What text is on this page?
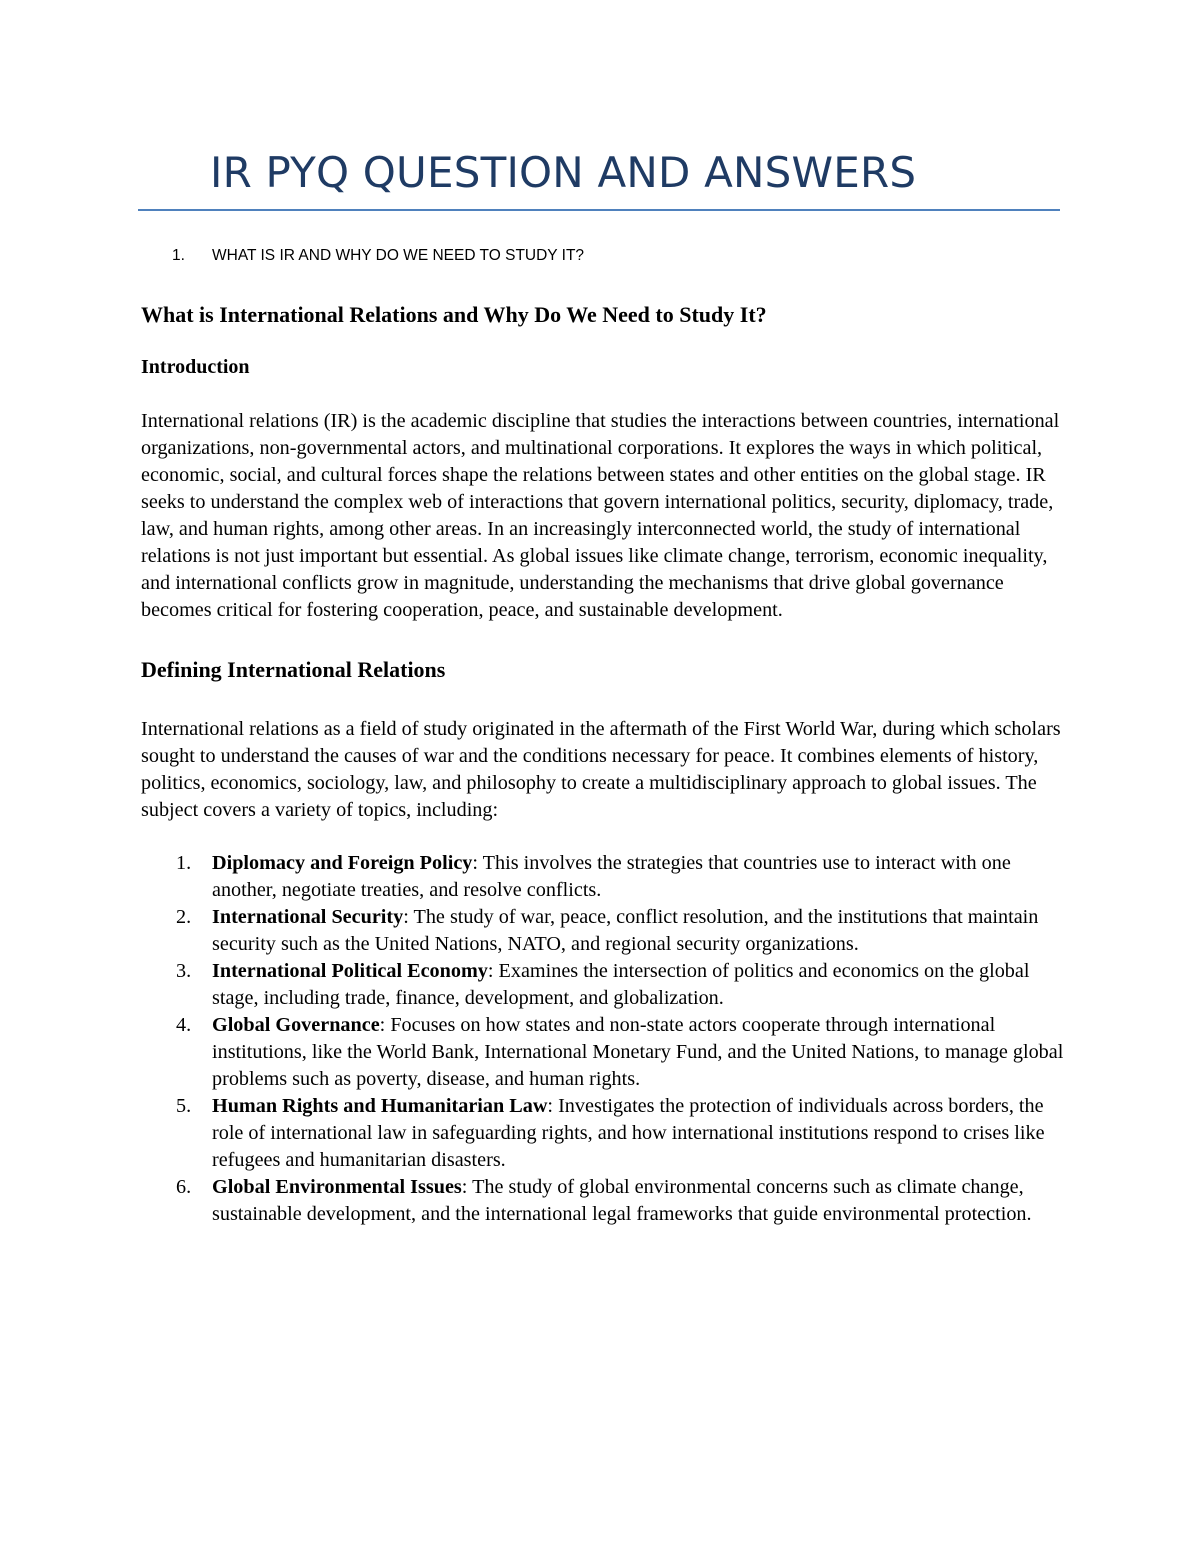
IR PYQ QUESTION AND ANSWERS
1. WHAT IS IR AND WHY DO WE NEED TO STUDY IT?
What is International Relations and Why Do We Need to Study It?
Introduction

International relations (IR) is the academic discipline that studies the interactions between countries, international organizations, non-governmental actors, and multinational corporations. It explores the ways in which political, economic, social, and cultural forces shape the relations between states and other entities on the global stage. IR seeks to understand the complex web of interactions that govern international politics, security, diplomacy, trade, law, and human rights, among other areas. In an increasingly interconnected world, the study of international relations is not just important but essential. As global issues like climate change, terrorism, economic inequality, and international conflicts grow in magnitude, understanding the mechanisms that drive global governance becomes critical for fostering cooperation, peace, and sustainable development.

Defining International Relations

International relations as a field of study originated in the aftermath of the First World War, during which scholars sought to understand the causes of war and the conditions necessary for peace. It combines elements of history, politics, economics, sociology, law, and philosophy to create a multidisciplinary approach to global issues. The subject covers a variety of topics, including:

1. Diplomacy and Foreign Policy: This involves the strategies that countries use to interact with one another, negotiate treaties, and resolve conflicts.
2. International Security: The study of war, peace, conflict resolution, and the institutions that maintain security such as the United Nations, NATO, and regional security organizations.
3. International Political Economy: Examines the intersection of politics and economics on the global stage, including trade, finance, development, and globalization.
4. Global Governance: Focuses on how states and non-state actors cooperate through international institutions, like the World Bank, International Monetary Fund, and the United Nations, to manage global problems such as poverty, disease, and human rights.
5. Human Rights and Humanitarian Law: Investigates the protection of individuals across borders, the role of international law in safeguarding rights, and how international institutions respond to crises like refugees and humanitarian disasters.
6. Global Environmental Issues: The study of global environmental concerns such as climate change, sustainable development, and the international legal frameworks that guide environmental protection.
